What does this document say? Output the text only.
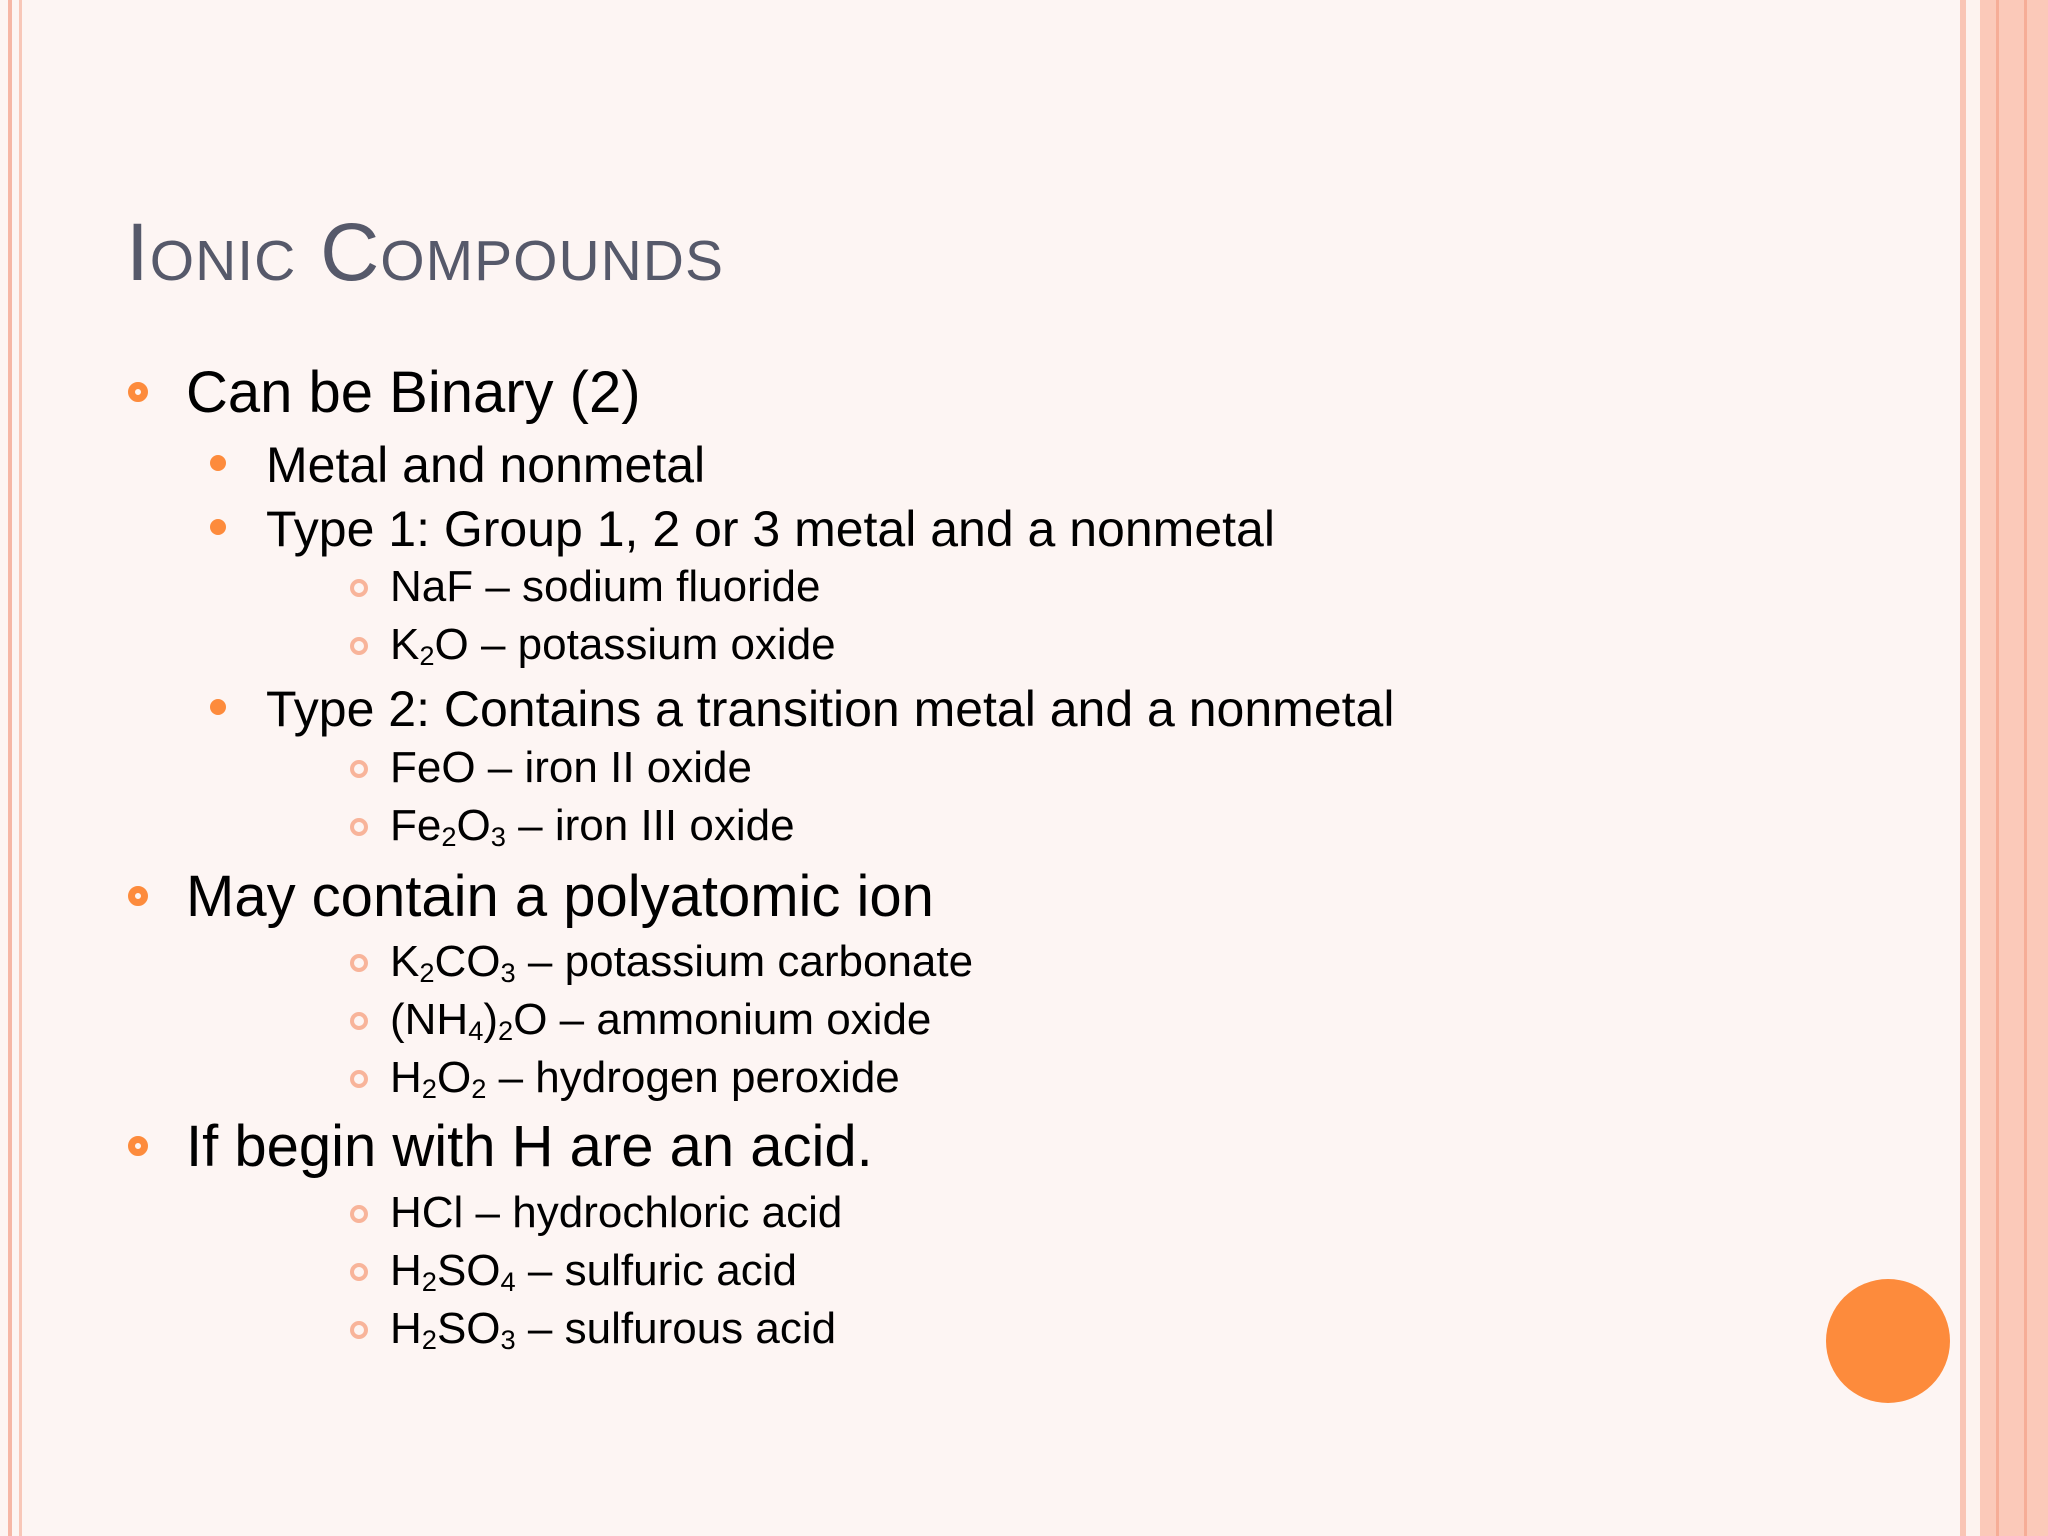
Ionic Compounds
Can be Binary (2)
Metal and nonmetal
Type 1: Group 1, 2 or 3 metal and a nonmetal
NaF – sodium fluoride
$K_2O$ – potassium oxide
Type 2: Contains a transition metal and a nonmetal
FeO – iron II oxide
$Fe_2O_3$ – iron III oxide
May contain a polyatomic ion
$K_2CO_3$ – potassium carbonate
$(NH_4)_2O$ – ammonium oxide
$H_2O_2$ – hydrogen peroxide
If begin with H are an acid.
HCl – hydrochloric acid
$H_2SO_4$ – sulfuric acid
$H_2SO_3$ – sulfurous acid
